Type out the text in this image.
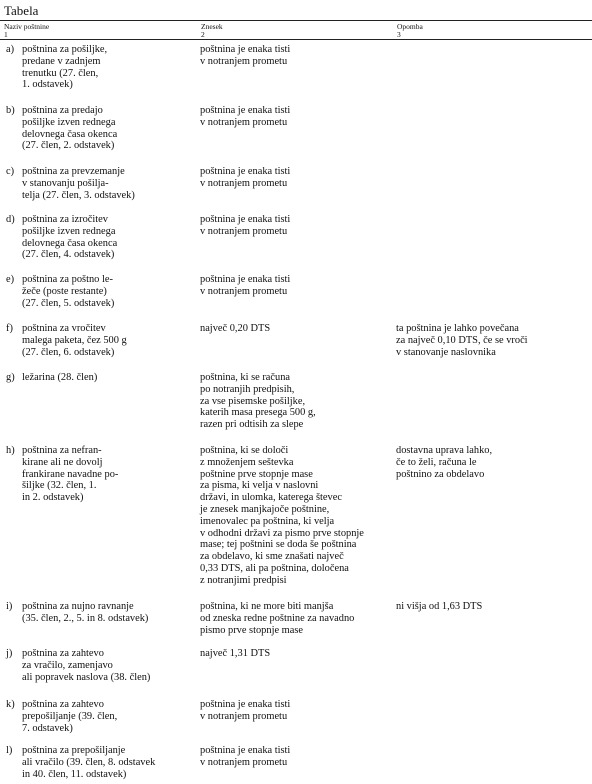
Tabela
Naziv poštnine
1
Znesek
2
Opomba
3
a) poštnina za pošiljke,
predane v zadnjem
trenutku (27. člen,
1. odstavek)
poštnina je enaka tisti
v notranjem prometu
b) poštnina za predajo
pošiljke izven rednega
delovnega časa okenca
(27. člen, 2. odstavek)
poštnina je enaka tisti
v notranjem prometu
c) poštnina za prevzemanje
v stanovanju pošilja-
telja (27. člen, 3. odstavek)
poštnina je enaka tisti
v notranjem prometu
d) poštnina za izročitev
pošiljke izven rednega
delovnega časa okenca
(27. člen, 4. odstavek)
poštnina je enaka tisti
v notranjem prometu
e) poštnina za poštno le-
žeče (poste restante)
(27. člen, 5. odstavek)
poštnina je enaka tisti
v notranjem prometu
f) poštnina za vročitev
malega paketa, čez 500 g
(27. člen, 6. odstavek)
največ 0,20 DTS	ta poštnina je lahko povečana
za največ 0,10 DTS, če se vroči
v stanovanje naslovnika
g) ležarina (28. člen)	poštnina, ki se računa
po notranjih predpisih,
za vse pisemske pošiljke,
katerih masa presega 500 g,
razen pri odtisih za slepe
h) poštnina za nefran-
kirane ali ne dovolj
frankirane navadne po-
šiljke (32. člen, 1.
in 2. odstavek)
poštnina, ki se določi
z množenjem seštevka
poštnine prve stopnje mase
za pisma, ki velja v naslovni
državi, in ulomka, katerega števec
je znesek manjkajoče poštnine,
imenovalec pa poštnina, ki velja
v odhodni državi za pismo prve stopnje
mase; tej poštnini se doda še poštnina
za obdelavo, ki sme znašati največ
0,33 DTS, ali pa poštnina, določena
z notranjimi predpisi
dostavna uprava lahko,
če to želi, računa le
poštnino za obdelavo
i) poštnina za nujno ravnanje
(35. člen, 2., 5. in 8. odstavek)
poštnina, ki ne more biti manjša
od zneska redne poštnine za navadno
pismo prve stopnje mase
ni višja od 1,63 DTS
j) poštnina za zahtevo
za vračilo, zamenjavo
ali popravek naslova (38. člen)
največ 1,31 DTS
k) poštnina za zahtevo
prepošiljanje (39. člen,
7. odstavek)
poštnina je enaka tisti
v notranjem prometu
l) poštnina za prepošiljanje
ali vračilo (39. člen, 8. odstavek
in 40. člen, 11. odstavek)
poštnina je enaka tisti
v notranjem prometu
